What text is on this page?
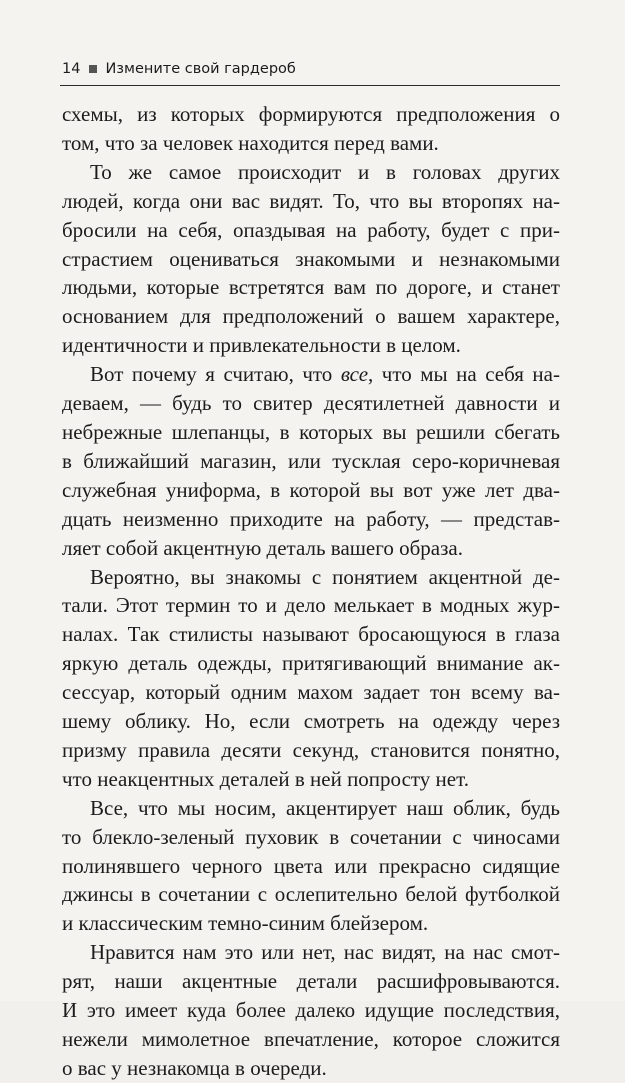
14 Измените свой гардероб

схемы, из которых формируются предположения о
том, что за человек находится перед вами.

То же самое происходит и в головах других
людей, когда они вас видят. То, что вы второпях на-
бросили на себя, опаздывая на работу, будет с при-
страстием оцениваться знакомыми и незнакомыми
людьми, которые встретятся вам по дороге, и станет
основанием для предположений о вашем характере,
идентичности и привлекательности в целом.

Вот почему я считаю, что все, что мы на себя на-
деваем, — будь то свитер десятилетней давности и
небрежные шлепанцы, в которых вы решили сбегать
в ближайший магазин, или тусклая серо-коричневая
служебная униформа, в которой вы вот уже лет два-
дцать неизменно приходите на работу, — представ-
ляет собой акцентную деталь вашего образа.

Вероятно, вы знакомы с понятием акцентной де-
тали. Этот термин то и дело мелькает в модных жур-
налах. Так стилисты называют бросающуюся в глаза
яркую деталь одежды, притягивающий внимание ак-
сессуар, который одним махом задает тон всему ва-
шему облику. Но, если смотреть на одежду через
призму правила десяти секунд, становится понятно,
что неакцентных деталей в ней попросту нет.

Все, что мы носим, акцентирует наш облик, будь
то блекло-зеленый пуховик в сочетании с чиносами
полинявшего черного цвета или прекрасно сидящие
джинсы в сочетании с ослепительно белой футболкой
и классическим темно-синим блейзером.

Нравится нам это или нет, нас видят, на нас смот-
рят, наши акцентные детали расшифровываются.
И это имеет куда более далеко идущие последствия,
нежели мимолетное впечатление, которое сложится
о вас у незнакомца в очереди.
